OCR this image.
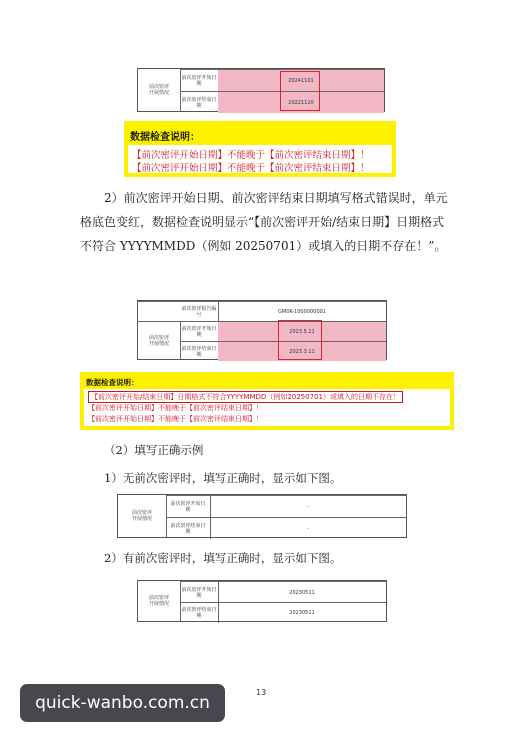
前次密评
开展情况
前次密评开始日
期	20241101
前次密评结束日
期	20221120
数据检查说明：
【前次密评开始日期】不能晚于【前次密评结束日期】！
【前次密评开始日期】不能晚于【前次密评结束日期】！
2）前次密评开始日期、前次密评结束日期填写格式错误时，单元格底色变红，数据检查说明显示“【前次密评开始/结束日期】日期格式不符合 YYYYMMDD（例如 20250701）或填入的日期不存在！”。
前次密评
开展情况
前次密评报告编
号	GM0K-1000000001
前次密评开始日
期	2023.5.11
前次密评结束日
期	2023.3.11
数据检查说明：
【前次密评开始/结束日期】日期格式不符合YYYYMMDD（例如20250701）或填入的日期不存在！
【前次密评开始日期】不能晚于【前次密评结束日期】！
【前次密评开始日期】不能晚于【前次密评结束日期】！
（2）填写正确示例
1）无前次密评时，填写正确时，显示如下图。
前次密评
开展情况
前次密评开始日
期	-
前次密评结束日
期	-
2）有前次密评时，填写正确时，显示如下图。
前次密评
开展情况
前次密评开始日
期	20230511
前次密评结束日
期	20230511
13
quick-wanbo.com.cn
